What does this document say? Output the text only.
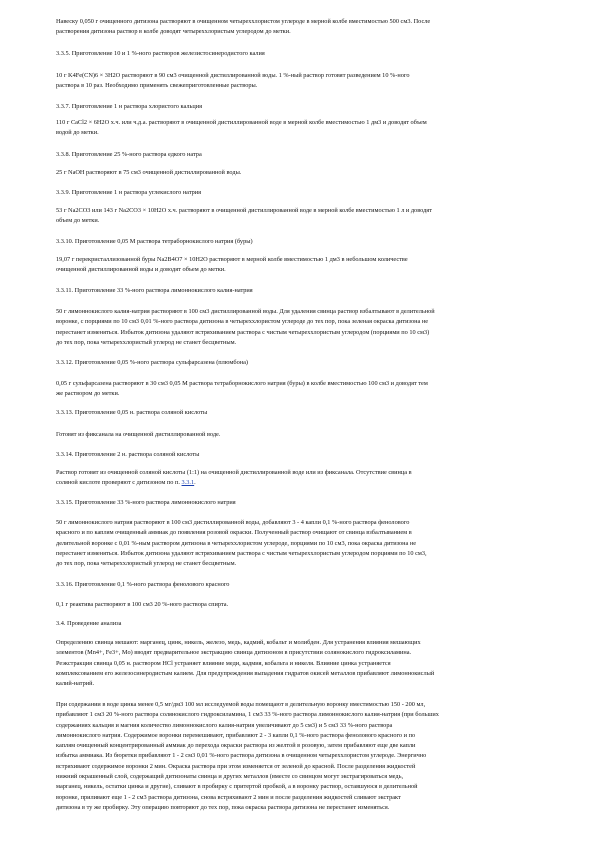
Навеску 0,050 г очищенного дитизона растворяют в очищенном четыреххлористом углероде в мерной колбе вместимостью 500 см3. После

растворения дитизона раствор в колбе доводят четыреххлористым углеродом до метки.

3.3.5. Приготовление 10 и 1 %-ного растворов железистосинеродистого калия

10 г K4Fe(CN)6 × 3H2O растворяют в 90 см3 очищенной дистиллированной воды. 1 %-ный раствор готовят разведением 10 %-ного

раствора в 10 раз. Необходимо применять свежеприготовленные растворы.

3.3.7. Приготовление 1 н раствора хлористого кальция

110 г CaCl2 × 6H2O х.ч. или ч.д.а. растворяют в очищенной дистиллированной воде в мерной колбе вместимостью 1 дм3 и доводят объем

водой до метки.

3.3.8. Приготовление 25 %-ного раствора едкого натра

25 г NaOH растворяют в 75 см3 очищенной дистиллированной воды.

3.3.9. Приготовление 1 н раствора углекислого натрия

53 г Na2CO3 или 143 г Na2CO3 × 10H2O х.ч. растворяют в очищенной дистиллированной воде в мерной колбе вместимостью 1 л и доводят

объем до метки.

3.3.10. Приготовление 0,05 М раствора тетраборнокислого натрия (буры)

19,07 г перекристаллизованной буры Na2B4O7 × 10H2O растворяют в мерной колбе вместимостью 1 дм3 в небольшом количестве

очищенной дистиллированной воды и доводят объем до метки.

3.3.11. Приготовление 33 %-ного раствора лимоннокислого калия-натрия

50 г лимоннокислого калия-натрия растворяют в 100 см3 дистиллированной воды. Для удаления свинца раствор взбалтывают в делительной

воронке, с порциями по 10 см3 0,01 %-ного раствора дитизона в четыреххлористом углероде до тех пор, пока зеленая окраска дитизона не

перестанет изменяться. Избыток дитизона удаляют встряхиванием раствора с чистым четыреххлористым углеродом (порциями по 10 см3)

до тех пор, пока четыреххлористый углерод не станет бесцветным.

3.3.12. Приготовление 0,05 %-ного раствора сульфарсазена (плюмбона)

0,05 г сульфарсазена растворяют в 30 см3 0,05 М раствора тетраборнокислого натрия (буры) в колбе вместимостью 100 см3 и доводят тем

же раствором до метки.

3.3.13. Приготовление 0,05 н. раствора соляной кислоты

Готовят из фиксанала на очищенной дистиллированной воде.

3.3.14. Приготовление 2 н. раствора соляной кислоты

Раствор готовят из очищенной соляной кислоты (1:1) на очищенной дистиллированной воде или из фиксанала. Отсутствие свинца в

соляной кислоте проверяют с дитизоном по п. 3.3.1.

3.3.15. Приготовление 33 %-ного раствора лимоннокислого натрия

50 г лимоннокислого натрия растворяют в 100 см3 дистиллированной воды, добавляют 3 - 4 капли 0,1 %-ного раствора фенолового

красного и по каплям очищенный аммиак до появления розовой окраски. Полученный раствор очищают от свинца взбалтыванием в

делительной воронке с 0,01 %-ным раствором дитизона в четыреххлористом углероде, порциями по 10 см3, пока окраска дитизона не

перестанет изменяться. Избыток дитизона удаляют встряхиванием раствора с чистым четыреххлористым углеродом порциями по 10 см3,

до тех пор, пока четыреххлористый углерод не станет бесцветным.

3.3.16. Приготовление 0,1 %-ного раствора фенолового красного

0,1 г реактива растворяют в 100 см3 20 %-ного раствора спирта.

3.4. Проведение анализа

Определению свинца мешают: марганец, цинк, никель, железо, медь, кадмий, кобальт и молибден. Для устранения влияния мешающих

элементов (Mn4+, Fe3+, Mo) вводят предварительное экстракцию свинца дитизоном в присутствии солянокислого гидроксиламина.

Реэкстракция свинца 0,05 н. раствором HCl устраняет влияние меди, кадмия, кобальта и никеля. Влияние цинка устраняется

комплексованием его железосинеродистым калием. Для предупреждения выпадения гидратов окисей металлов прибавляют лимоннокислый

калий-натрий.

При содержании в воде цинка менее 0,5 мг/дм3 100 мл исследуемой воды помещают в делительную воронку вместимостью 150 - 200 мл,

прибавляют 1 см3 20 %-ного раствора солянокислого гидроксиламина, 1 см3 33 %-ного раствора лимоннокислого калия-натрия (при больших

содержаниях кальция и магния количество лимоннокислого калия-натрия увеличивают до 5 см3) и 5 см3 33 %-ного раствора

лимоннокислого натрия. Содержимое воронки перемешивают, прибавляют 2 - 3 капли 0,1 %-ного раствора фенолового красного и по

каплям очищенный концентрированный аммиак до перехода окраски раствора из желтой в розовую, затем прибавляют еще две капли

избытка аммиака. Из бюретки прибавляют 1 - 2 см3 0,01 %-ного раствора дитизона в очищенном четыреххлористом углероде. Энергично

встряхивают содержимое воронки 2 мин. Окраска раствора при этом изменяется от зеленой до красной. После разделения жидкостей

нижний окрашенный слой, содержащий дитизонаты свинца и других металлов (вместе со свинцом могут экстрагироваться медь,

марганец, никель, остатки цинка и другие), сливают в пробирку с притертой пробкой, а в воронку раствор, оставшуюся в делительной

воронке, приливают еще 1 - 2 см3 раствора дитизона, снова встряхивают 2 мин и после разделения жидкостей сливают экстракт

дитизона в ту же пробирку. Эту операцию повторяют до тех пор, пока окраска раствора дитизона не перестанет изменяться.
